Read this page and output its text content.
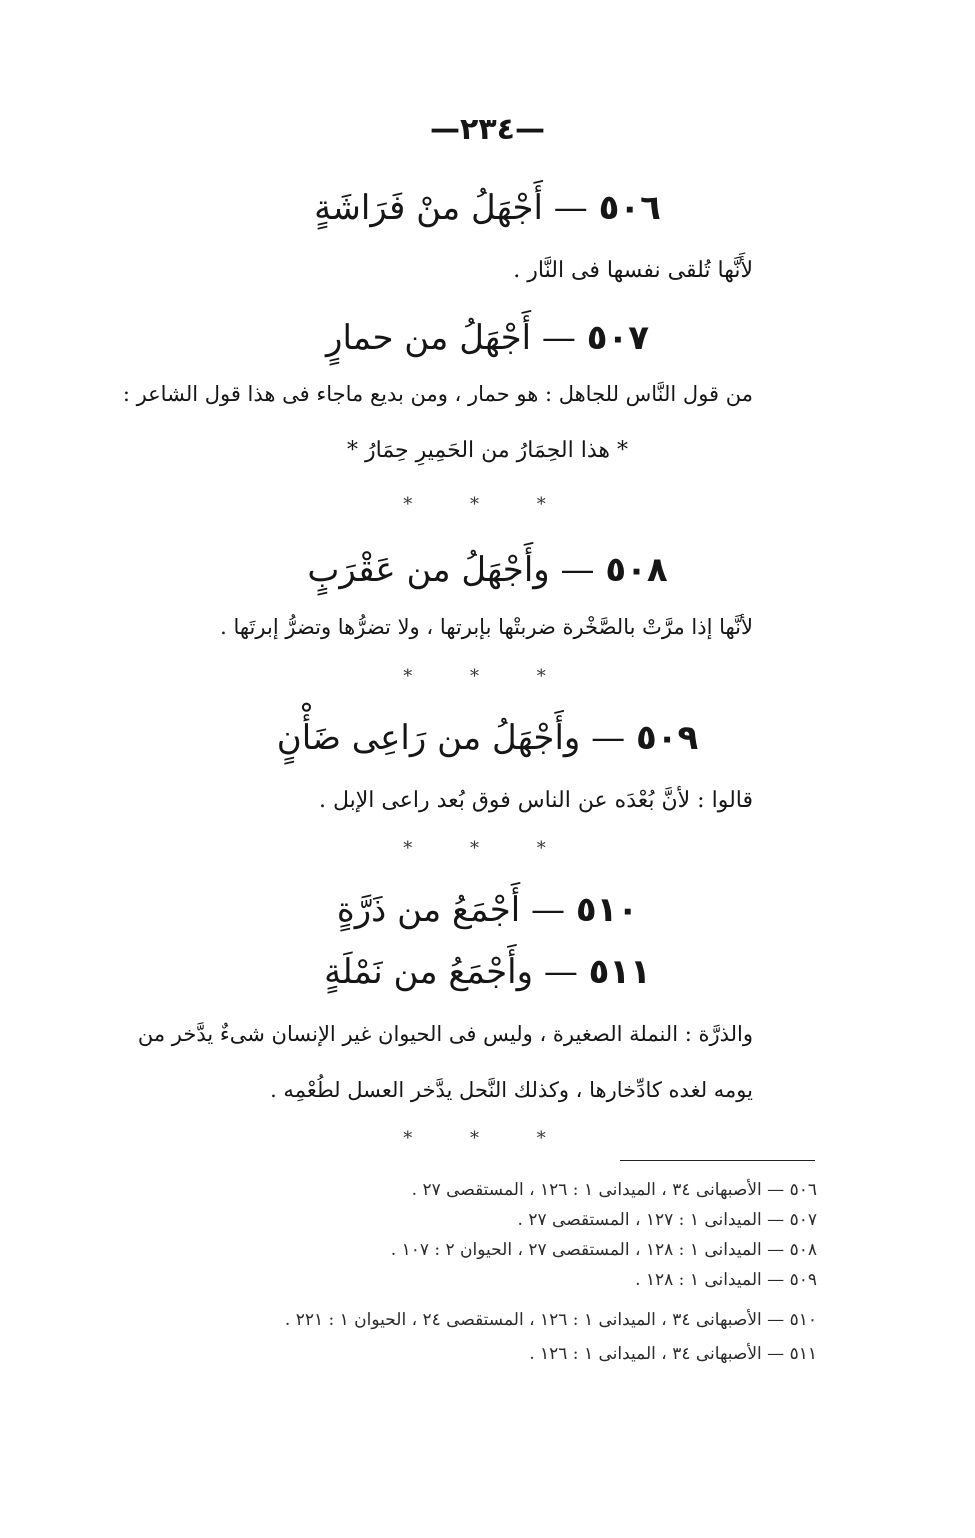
—٢٣٤—
٥٠٦ — أَجْهَلُ منْ فَرَاشَةٍ
لأَنَّها تُلقى نفسها فى النَّار .
٥٠٧ — أَجْهَلُ من حمارٍ
من قول النَّاس للجاهل : هو حمار ، ومن بديع ماجاء فى هذا قول الشاعر :
* هذا الحِمَارُ من الحَمِيرِ حِمَارُ *
* * *
٥٠٨ — وأَجْهَلُ من عَقْرَبٍ
لأنَّها إذا مرَّتْ بالصَّخْرة ضربتْها بإبرتها ، ولا تضرُّها وتضرُّ إبرتَها .
* * *
٥٠٩ — وأَجْهَلُ من رَاعِى ضَأْنٍ
قالوا : لأنَّ بُعْدَه عن الناس فوق بُعد راعى الإبل .
* * *
٥١٠ — أَجْمَعُ من ذَرَّةٍ
٥١١ — وأَجْمَعُ من نَمْلَةٍ
والذرَّة : النملة الصغيرة ، وليس فى الحيوان غير الإنسان شىءٌ يدَّخر من
يومه لغده كادِّخارها ، وكذلك النَّحل يدَّخر العسل لطُعْمِه .
* * *
٥٠٦ — الأصبهانى ٣٤ ، الميدانى ١ : ١٢٦ ، المستقصى ٢٧ .
٥٠٧ — الميدانى ١ : ١٢٧ ، المستقصى ٢٧ .
٥٠٨ — الميدانى ١ : ١٢٨ ، المستقصى ٢٧ ، الحيوان ٢ : ١٠٧ .
٥٠٩ — الميدانى ١ : ١٢٨ .
٥١٠ — الأصبهانى ٣٤ ، الميدانى ١ : ١٢٦ ، المستقصى ٢٤ ، الحيوان ١ : ٢٢١ .
٥١١ — الأصبهانى ٣٤ ، الميدانى ١ : ١٢٦ .
